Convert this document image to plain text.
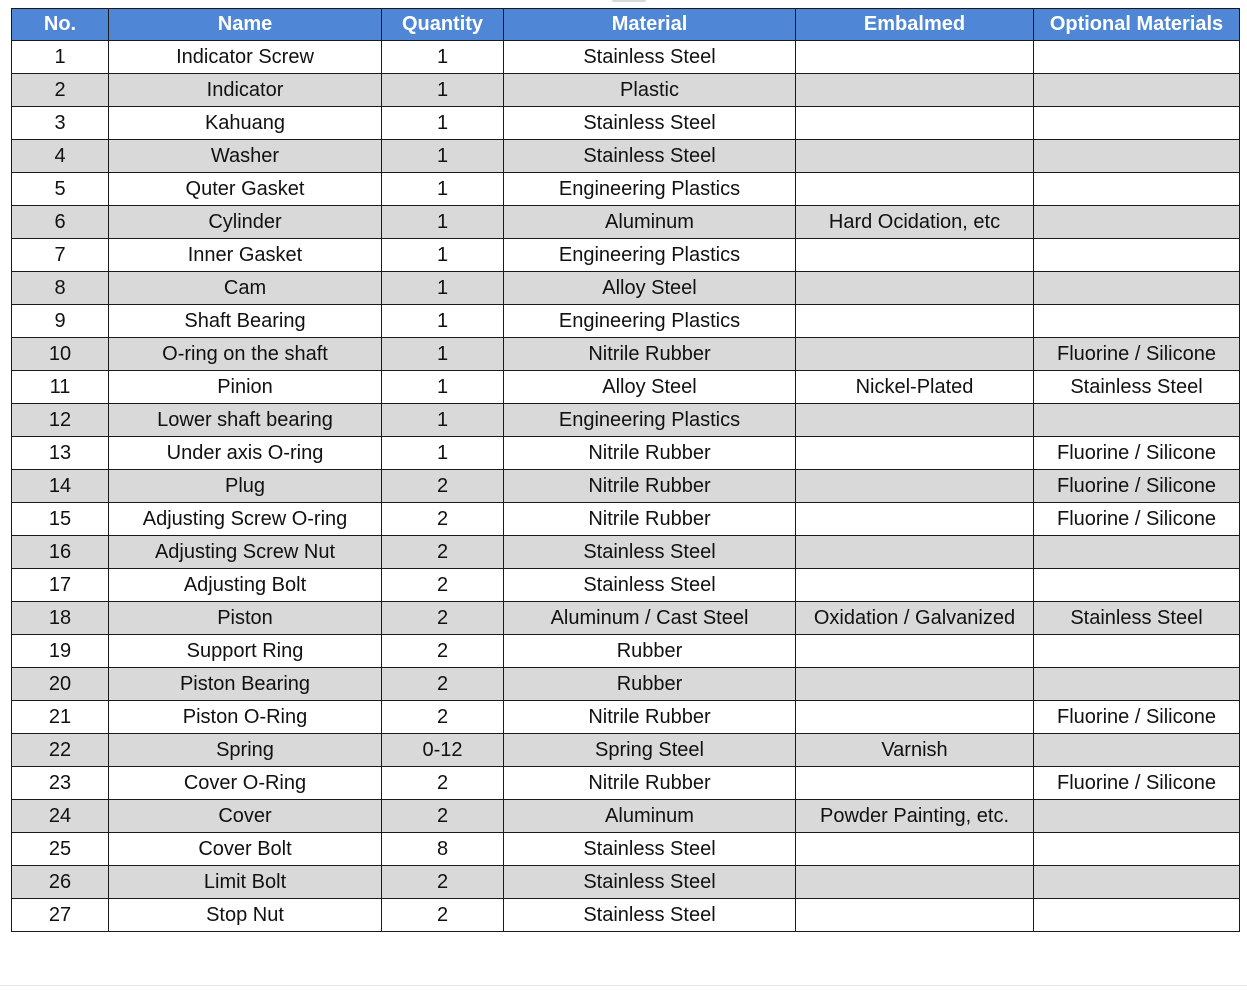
No.	Name	Quantity	Material	Embalmed	Optional Materials
1	Indicator Screw	1	Stainless Steel		
2	Indicator	1	Plastic		
3	Kahuang	1	Stainless Steel		
4	Washer	1	Stainless Steel		
5	Quter Gasket	1	Engineering Plastics		
6	Cylinder	1	Aluminum	Hard Ocidation, etc	
7	Inner Gasket	1	Engineering Plastics		
8	Cam	1	Alloy Steel		
9	Shaft Bearing	1	Engineering Plastics		
10	O-ring on the shaft	1	Nitrile Rubber		Fluorine / Silicone
11	Pinion	1	Alloy Steel	Nickel-Plated	Stainless Steel
12	Lower shaft bearing	1	Engineering Plastics		
13	Under axis O-ring	1	Nitrile Rubber		Fluorine / Silicone
14	Plug	2	Nitrile Rubber		Fluorine / Silicone
15	Adjusting Screw O-ring	2	Nitrile Rubber		Fluorine / Silicone
16	Adjusting Screw Nut	2	Stainless Steel		
17	Adjusting Bolt	2	Stainless Steel		
18	Piston	2	Aluminum / Cast Steel	Oxidation / Galvanized	Stainless Steel
19	Support Ring	2	Rubber		
20	Piston Bearing	2	Rubber		
21	Piston O-Ring	2	Nitrile Rubber		Fluorine / Silicone
22	Spring	0-12	Spring Steel	Varnish	
23	Cover O-Ring	2	Nitrile Rubber		Fluorine / Silicone
24	Cover	2	Aluminum	Powder Painting, etc.	
25	Cover Bolt	8	Stainless Steel		
26	Limit Bolt	2	Stainless Steel		
27	Stop Nut	2	Stainless Steel		
